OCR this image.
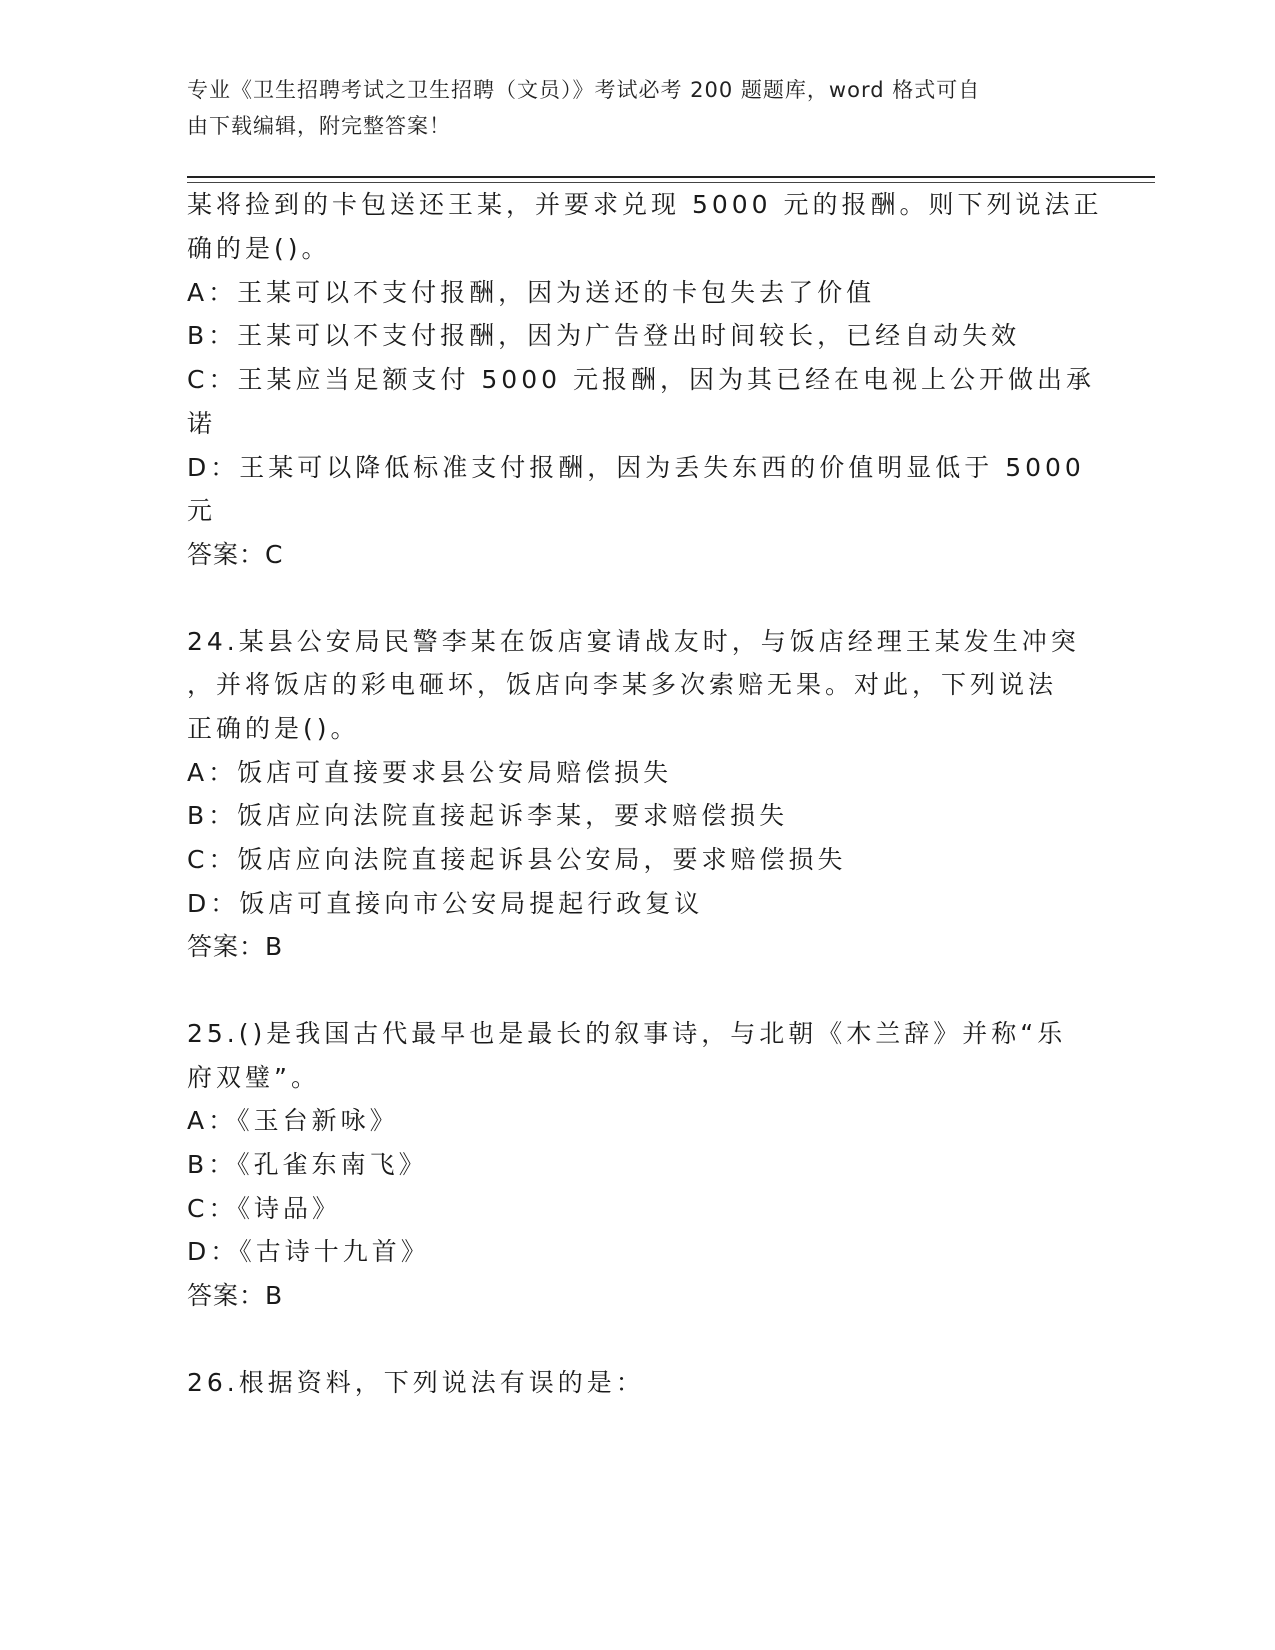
专业《卫生招聘考试之卫生招聘（文员）》考试必考 200 题题库，word 格式可自
由下载编辑，附完整答案！
某将捡到的卡包送还王某，并要求兑现 5000 元的报酬。则下列说法正
确的是()。
A：王某可以不支付报酬，因为送还的卡包失去了价值
B：王某可以不支付报酬，因为广告登出时间较长，已经自动失效
C：王某应当足额支付 5000 元报酬，因为其已经在电视上公开做出承
诺
D：王某可以降低标准支付报酬，因为丢失东西的价值明显低于 5000
元
答案：C
24.某县公安局民警李某在饭店宴请战友时，与饭店经理王某发生冲突
，并将饭店的彩电砸坏，饭店向李某多次索赔无果。对此，下列说法
正确的是()。
A：饭店可直接要求县公安局赔偿损失
B：饭店应向法院直接起诉李某，要求赔偿损失
C：饭店应向法院直接起诉县公安局，要求赔偿损失
D：饭店可直接向市公安局提起行政复议
答案：B
25.()是我国古代最早也是最长的叙事诗，与北朝《木兰辞》并称“乐
府双璧”。
A：《玉台新咏》
B：《孔雀东南飞》
C：《诗品》
D：《古诗十九首》
答案：B
26.根据资料，下列说法有误的是：
